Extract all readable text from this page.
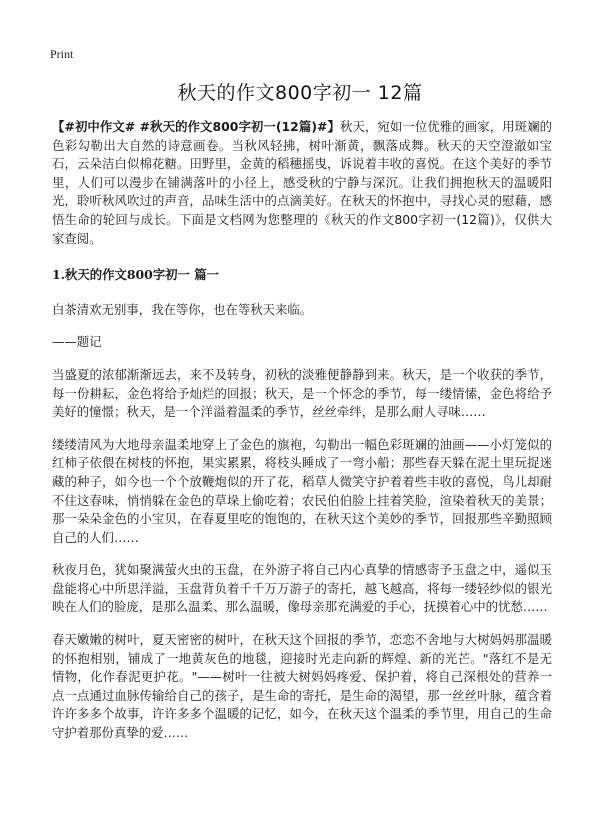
Print
秋天的作文800字初一 12篇

【#初中作文# #秋天的作文800字初一(12篇)#】秋天，宛如一位优雅的画家，用斑斓的色彩勾勒出大自然的诗意画卷。当秋风轻拂，树叶渐黄，飘落成舞。秋天的天空澄澈如宝石，云朵洁白似棉花糖。田野里，金黄的稻穗摇曳，诉说着丰收的喜悦。在这个美好的季节里，人们可以漫步在铺满落叶的小径上，感受秋的宁静与深沉。让我们拥抱秋天的温暖阳光，聆听秋风吹过的声音，品味生活中的点滴美好。在秋天的怀抱中，寻找心灵的慰藉，感悟生命的轮回与成长。下面是文档网为您整理的《秋天的作文800字初一(12篇)》，仅供大家查阅。

1.秋天的作文800字初一 篇一

白茶清欢无别事，我在等你，也在等秋天来临。

——题记

当盛夏的浓郁渐渐远去，来不及转身，初秋的淡雅便静静到来。秋天，是一个收获的季节，每一份耕耘，金色将给予灿烂的回报；秋天，是一个怀念的季节，每一缕情愫，金色将给予美好的憧憬；秋天，是一个洋溢着温柔的季节，丝丝牵绊，是那么耐人寻味……

缕缕清风为大地母亲温柔地穿上了金色的旗袍，勾勒出一幅色彩斑斓的油画——小灯笼似的红柿子依偎在树枝的怀抱，果实累累，将枝头睡成了一弯小船；那些春天躲在泥土里玩捉迷藏的种子，如今也一个个放鞭炮似的开了花，稻草人微笑守护着着些丰收的喜悦，鸟儿却耐不住这春味，悄悄躲在金色的草垛上偷吃着；农民伯伯脸上挂着笑脸，渲染着秋天的美景；那一朵朵金色的小宝贝，在春夏里吃的饱饱的，在秋天这个美妙的季节，回报那些辛勤照顾自己的人们……

秋夜月色，犹如聚满萤火虫的玉盘，在外游子将自己内心真挚的情感寄予玉盘之中，遥似玉盘能将心中所思洋溢，玉盘背负着千千万万游子的寄托，越飞越高，将每一缕轻纱似的银光映在人们的脸庞，是那么温柔、那么温暖，像母亲那充满爱的手心，抚摸着心中的忧愁……

春天嫩嫩的树叶，夏天密密的树叶，在秋天这个回报的季节，恋恋不舍地与大树妈妈那温暖的怀抱相别，铺成了一地黄灰色的地毯，迎接时光走向新的辉煌、新的光芒。"落红不是无情物，化作春泥更护花。"——树叶一往被大树妈妈疼爱、保护着，将自己深根处的营养一点一点通过血脉传输给自己的孩子，是生命的寄托，是生命的渴望，那一丝丝叶脉，蕴含着许许多多个故事，许许多多个温暖的记忆，如今，在秋天这个温柔的季节里，用自己的生命守护着那份真挚的爱……
